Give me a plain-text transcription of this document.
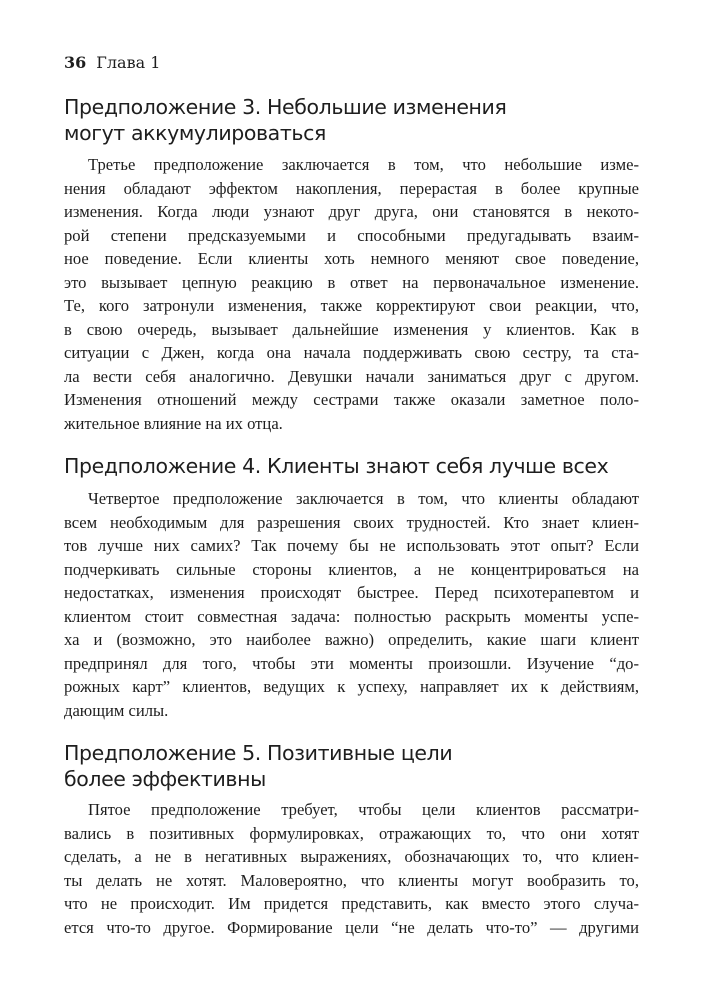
36 Глава 1
Предположение 3. Небольшие изменения
могут аккумулироваться

Третье предположение заключается в том, что небольшие изме-
нения обладают эффектом накопления, перерастая в более крупные
изменения. Когда люди узнают друг друга, они становятся в некото-
рой степени предсказуемыми и способными предугадывать взаим-
ное поведение. Если клиенты хоть немного меняют свое поведение,
это вызывает цепную реакцию в ответ на первоначальное изменение.
Те, кого затронули изменения, также корректируют свои реакции, что,
в свою очередь, вызывает дальнейшие изменения у клиентов. Как в
ситуации с Джен, когда она начала поддерживать свою сестру, та ста-
ла вести себя аналогично. Девушки начали заниматься друг с другом.
Изменения отношений между сестрами также оказали заметное поло-
жительное влияние на их отца.

Предположение 4. Клиенты знают себя лучше всех

Четвертое предположение заключается в том, что клиенты обладают
всем необходимым для разрешения своих трудностей. Кто знает клиен-
тов лучше них самих? Так почему бы не использовать этот опыт? Если
подчеркивать сильные стороны клиентов, а не концентрироваться на
недостатках, изменения происходят быстрее. Перед психотерапевтом и
клиентом стоит совместная задача: полностью раскрыть моменты успе-
ха и (возможно, это наиболее важно) определить, какие шаги клиент
предпринял для того, чтобы эти моменты произошли. Изучение “до-
рожных карт” клиентов, ведущих к успеху, направляет их к действиям,
дающим силы.

Предположение 5. Позитивные цели
более эффективны

Пятое предположение требует, чтобы цели клиентов рассматри-
вались в позитивных формулировках, отражающих то, что они хотят
сделать, а не в негативных выражениях, обозначающих то, что клиен-
ты делать не хотят. Маловероятно, что клиенты могут вообразить то,
что не происходит. Им придется представить, как вместо этого случа-
ется что-то другое. Формирование цели “не делать что-то” — другими
